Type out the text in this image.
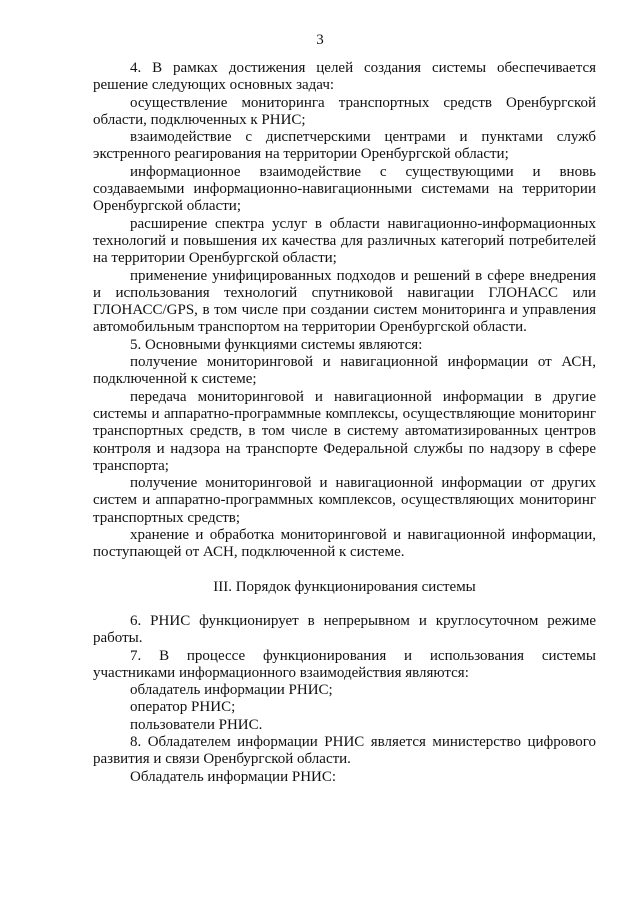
3

4. В рамках достижения целей создания системы обеспечивается решение следующих основных задач:

осуществление мониторинга транспортных средств Оренбургской области, подключенных к РНИС;

взаимодействие с диспетчерскими центрами и пунктами служб экстренного реагирования на территории Оренбургской области;

информационное взаимодействие с существующими и вновь создаваемыми информационно-навигационными системами на территории Оренбургской области;

расширение спектра услуг в области навигационно-информационных технологий и повышения их качества для различных категорий потребителей на территории Оренбургской области;

применение унифицированных подходов и решений в сфере внедрения и использования технологий спутниковой навигации ГЛОНАСС или ГЛОНАСС/GPS, в том числе при создании систем мониторинга и управления автомобильным транспортом на территории Оренбургской области.

5. Основными функциями системы являются:

получение мониторинговой и навигационной информации от АСН, подключенной к системе;

передача мониторинговой и навигационной информации в другие системы и аппаратно-программные комплексы, осуществляющие мониторинг транспортных средств, в том числе в систему автоматизированных центров контроля и надзора на транспорте Федеральной службы по надзору в сфере транспорта;

получение мониторинговой и навигационной информации от других систем и аппаратно-программных комплексов, осуществляющих мониторинг транспортных средств;

хранение и обработка мониторинговой и навигационной информации, поступающей от АСН, подключенной к системе.

III. Порядок функционирования системы

6. РНИС функционирует в непрерывном и круглосуточном режиме работы.

7. В процессе функционирования и использования системы участниками информационного взаимодействия являются:

обладатель информации РНИС;

оператор РНИС;

пользователи РНИС.

8. Обладателем информации РНИС является министерство цифрового развития и связи Оренбургской области.

Обладатель информации РНИС:
